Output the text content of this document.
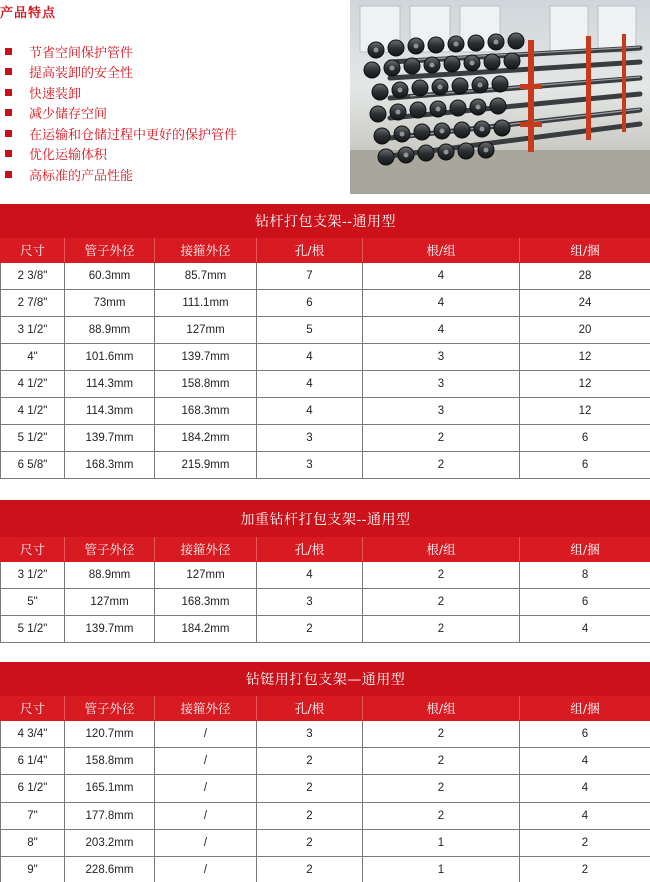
产品特点
节省空间保护管件
提高装卸的安全性
快速装卸
减少储存空间
在运输和仓储过程中更好的保护管件
优化运输体积
高标准的产品性能
钻杆打包支架--通用型					
尺寸	管子外径	接箍外径	孔/根	根/组	组/捆
2 3/8"	60.3mm	85.7mm	7	4	28
2 7/8"	73mm	111.1mm	6	4	24
3 1/2"	88.9mm	127mm	5	4	20
4"	101.6mm	139.7mm	4	3	12
4 1/2"	114.3mm	158.8mm	4	3	12
4 1/2"	114.3mm	168.3mm	4	3	12
5 1/2"	139.7mm	184.2mm	3	2	6
6 5/8"	168.3mm	215.9mm	3	2	6
加重钻杆打包支架--通用型					
尺寸	管子外径	接箍外径	孔/根	根/组	组/捆
3 1/2"	88.9mm	127mm	4	2	8
5"	127mm	168.3mm	3	2	6
5 1/2"	139.7mm	184.2mm	2	2	4
钻铤用打包支架—通用型					
尺寸	管子外径	接箍外径	孔/根	根/组	组/捆
4 3/4"	120.7mm	/	3	2	6
6 1/4"	158.8mm	/	2	2	4
6 1/2"	165.1mm	/	2	2	4
7"	177.8mm	/	2	2	4
8"	203.2mm	/	2	1	2
9"	228.6mm	/	2	1	2
